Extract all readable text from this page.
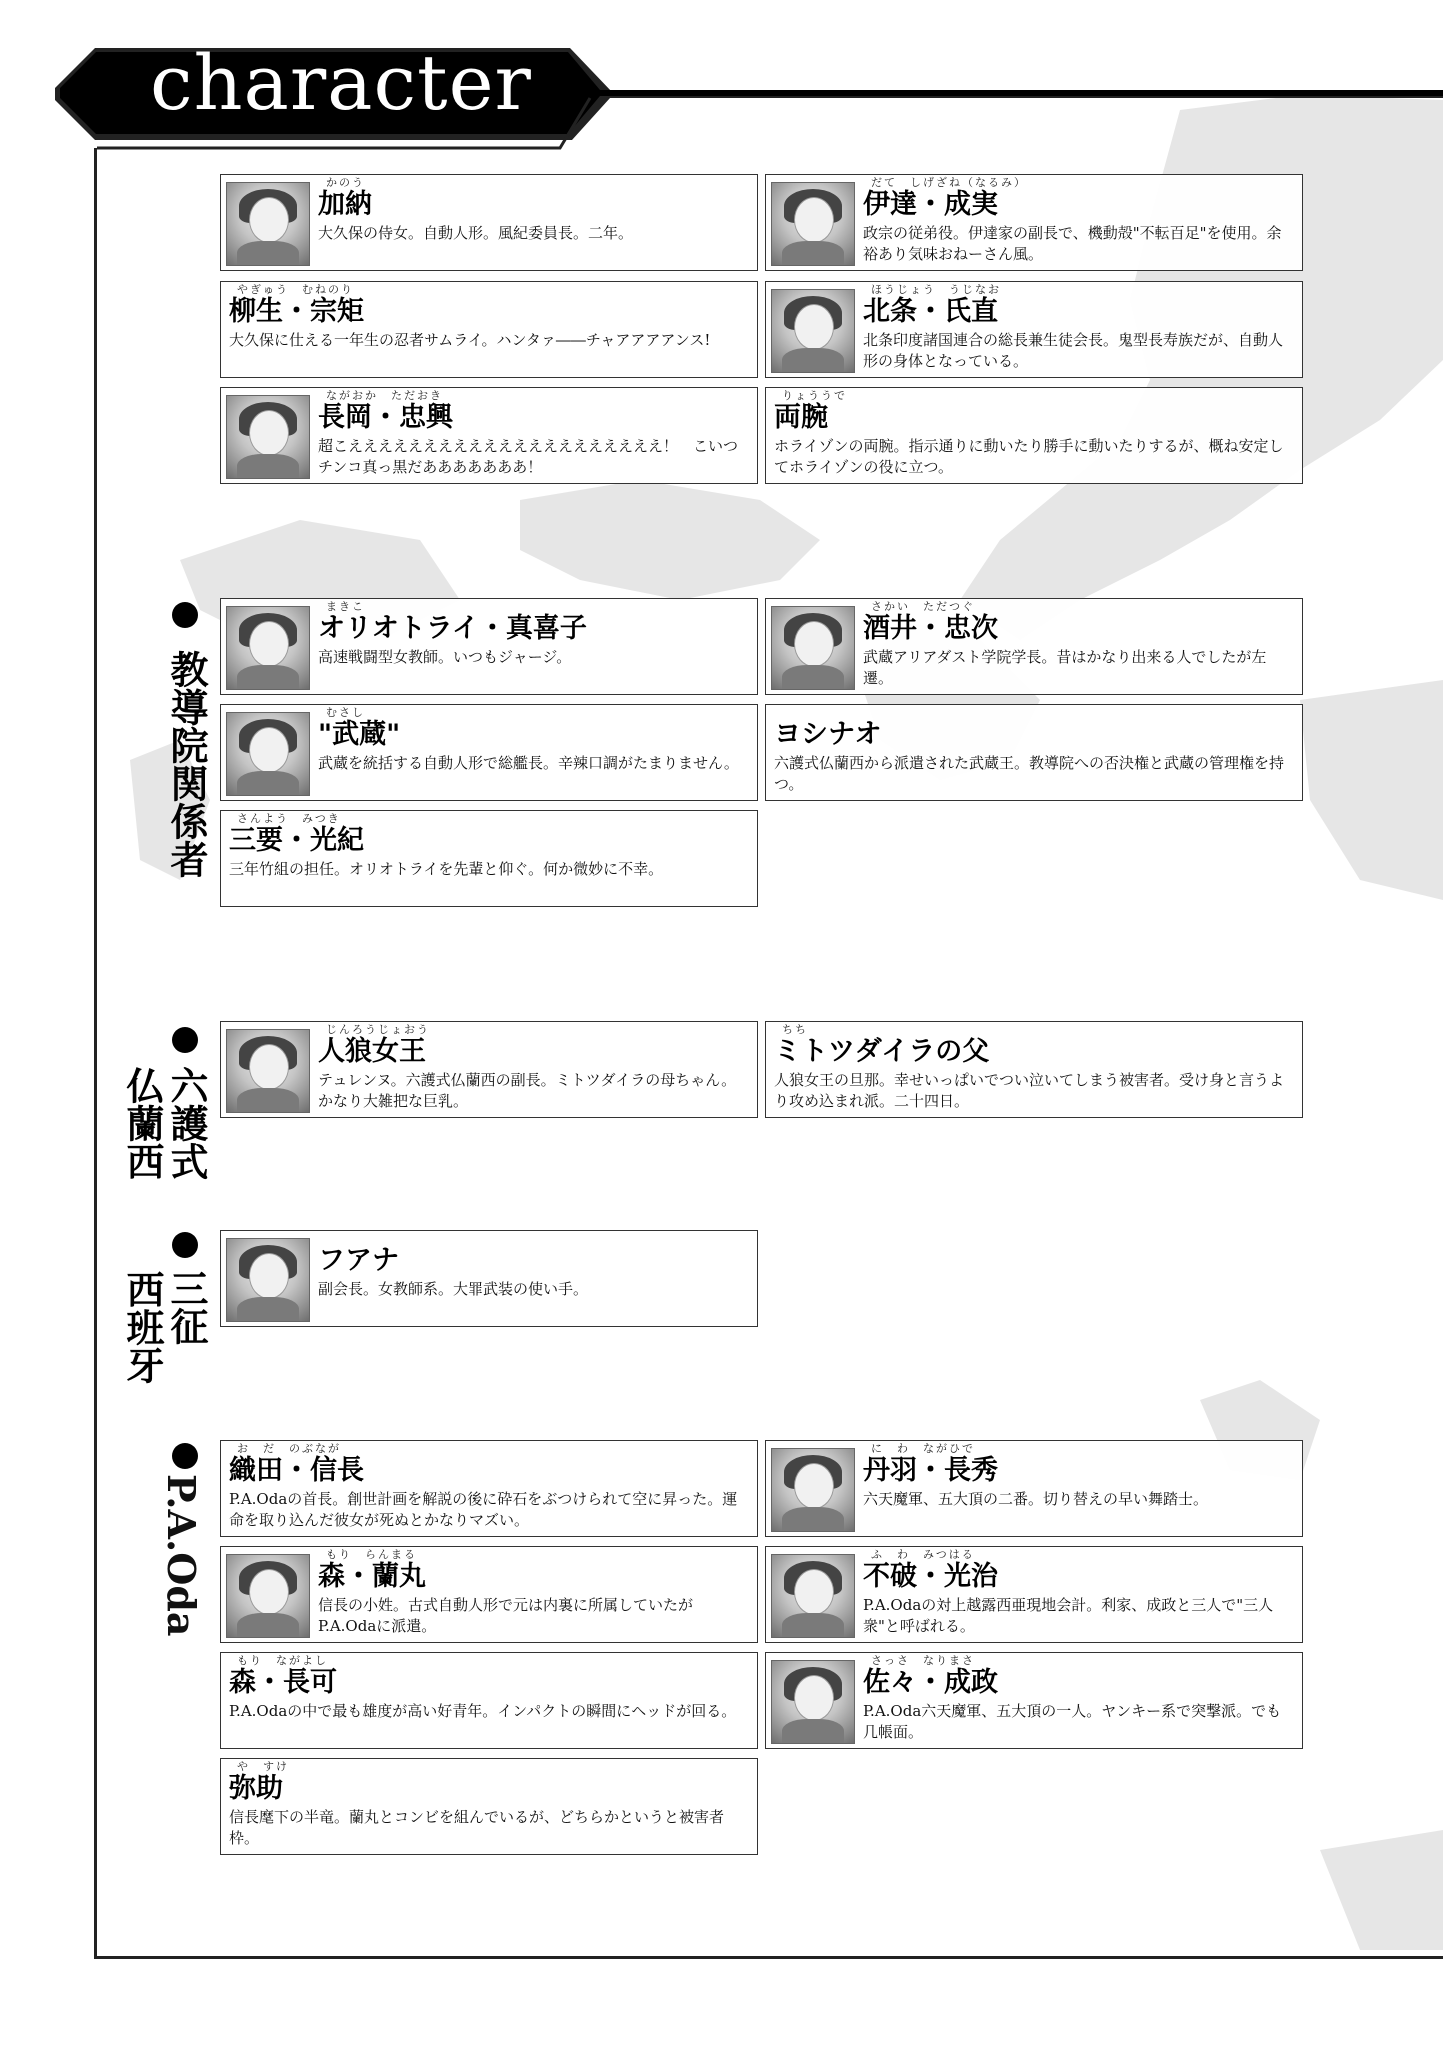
character
教導院関係者
六護式
仏蘭西
三征
西班牙
P.A.Oda
かのう
加納
大久保の侍女。自動人形。風紀委員長。二年。
だて　しげざね（なるみ）
伊達・成実
政宗の従弟役。伊達家の副長で、機動殻"不転百足"を使用。余裕あり気味おねーさん風。
やぎゅう　むねのり
柳生・宗矩
大久保に仕える一年生の忍者サムライ。ハンタァ――チャアアアアンス!
ほうじょう　うじなお
北条・氏直
北条印度諸国連合の総長兼生徒会長。鬼型長寿族だが、自動人形の身体となっている。
ながおか　ただおき
長岡・忠興
超こえええええええええええええええええええええ！　こいつチンコ真っ黒だあああああああ！
りょううで
両腕
ホライゾンの両腕。指示通りに動いたり勝手に動いたりするが、概ね安定してホライゾンの役に立つ。
まきこ
オリオトライ・真喜子
高速戦闘型女教師。いつもジャージ。
さかい　ただつぐ
酒井・忠次
武蔵アリアダスト学院学長。昔はかなり出来る人でしたが左遷。
むさし
"武蔵"
武蔵を統括する自動人形で総艦長。辛辣口調がたまりません。
ヨシナオ
六護式仏蘭西から派遣された武蔵王。教導院への否決権と武蔵の管理権を持つ。
さんよう　みつき
三要・光紀
三年竹組の担任。オリオトライを先輩と仰ぐ。何か微妙に不幸。
じんろうじょおう
人狼女王
テュレンヌ。六護式仏蘭西の副長。ミトツダイラの母ちゃん。かなり大雑把な巨乳。
ちち
ミトツダイラの父
人狼女王の旦那。幸せいっぱいでつい泣いてしまう被害者。受け身と言うより攻め込まれ派。二十四日。
フアナ
副会長。女教師系。大罪武装の使い手。
お　だ　のぶなが
織田・信長
P.A.Odaの首長。創世計画を解説の後に砕石をぶつけられて空に昇った。運命を取り込んだ彼女が死ぬとかなりマズい。
に　わ　ながひで
丹羽・長秀
六天魔軍、五大頂の二番。切り替えの早い舞踏士。
もり　らんまる
森・蘭丸
信長の小姓。古式自動人形で元は内裏に所属していたがP.A.Odaに派遣。
ふ　わ　みつはる
不破・光治
P.A.Odaの対上越露西亜現地会計。利家、成政と三人で"三人衆"と呼ばれる。
もり　ながよし
森・長可
P.A.Odaの中で最も雄度が高い好青年。インパクトの瞬間にヘッドが回る。
さっさ　なりまさ
佐々・成政
P.A.Oda六天魔軍、五大頂の一人。ヤンキー系で突撃派。でも几帳面。
や　すけ
弥助
信長麾下の半竜。蘭丸とコンビを組んでいるが、どちらかというと被害者枠。
